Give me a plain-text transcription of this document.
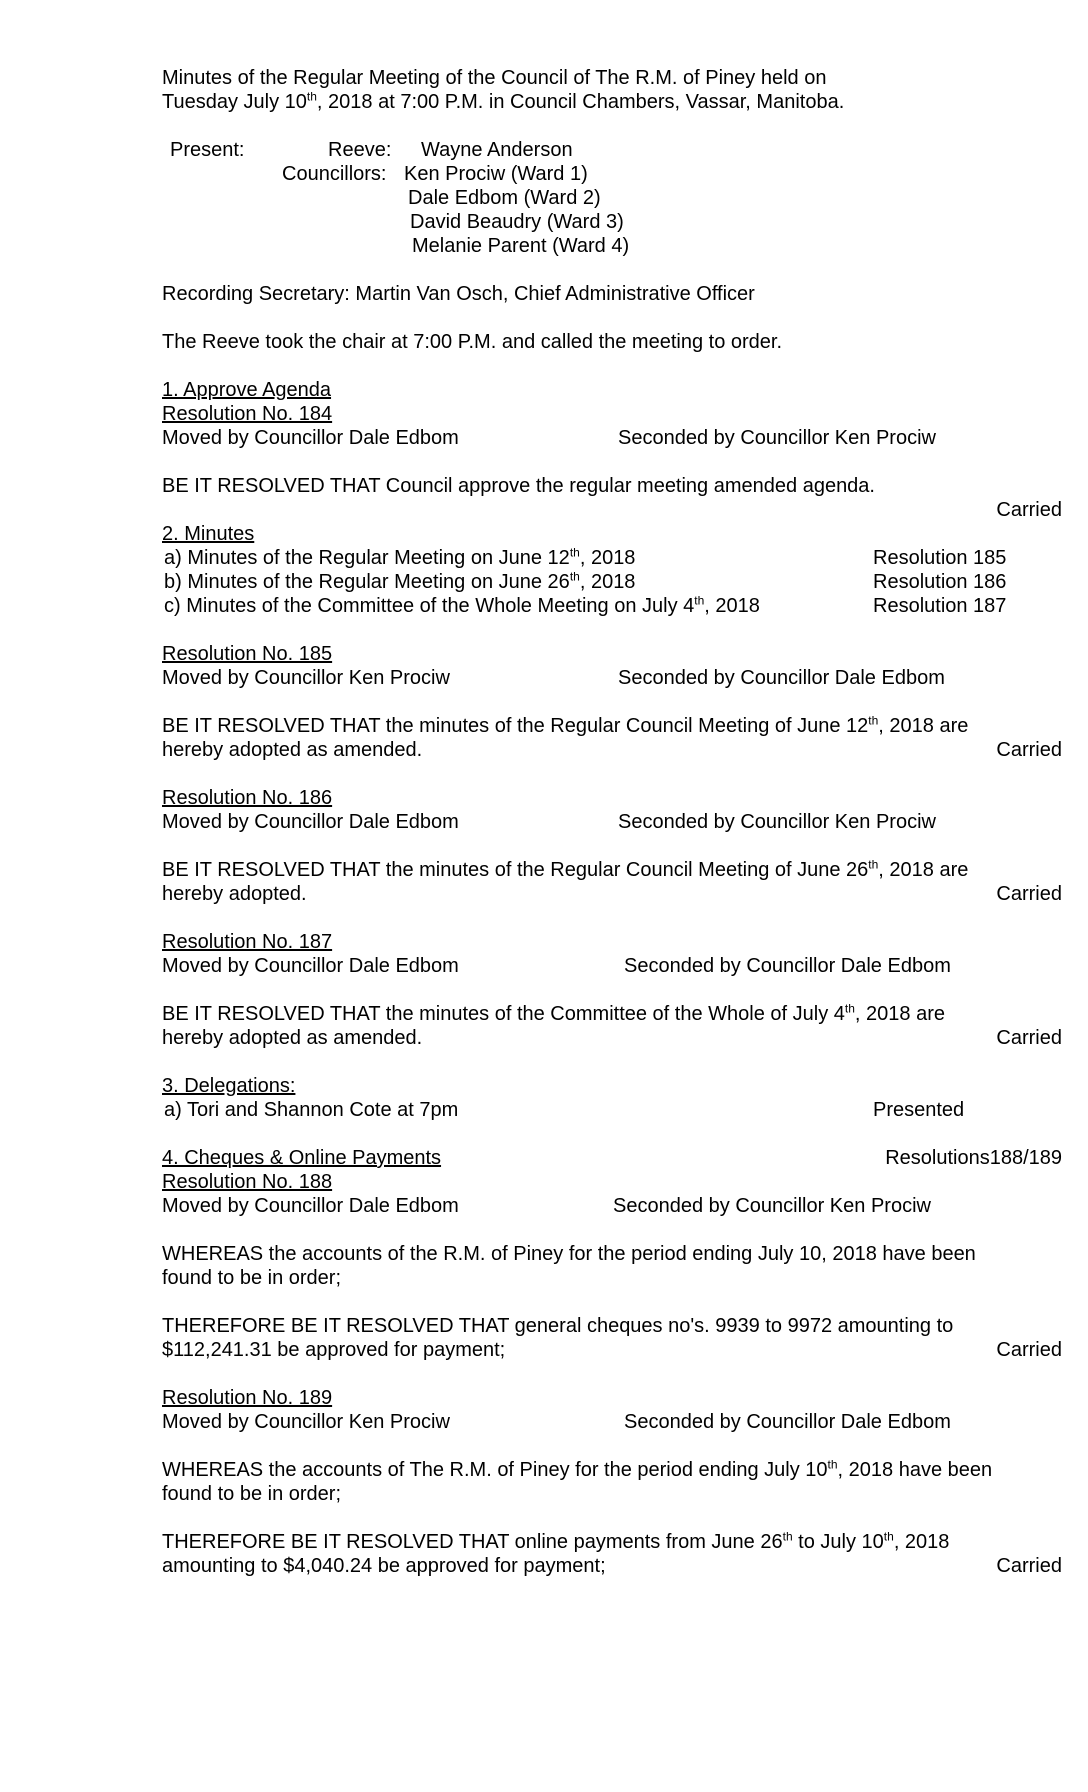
Minutes of the Regular Meeting of the Council of The R.M. of Piney held on
Tuesday July 10th, 2018 at 7:00 P.M. in Council Chambers, Vassar, Manitoba.
Present:	Reeve: Wayne Anderson
Councillors: Ken Prociw (Ward 1)
Dale Edbom (Ward 2)
David Beaudry (Ward 3)
Melanie Parent (Ward 4)
Recording Secretary: Martin Van Osch, Chief Administrative Officer
The Reeve took the chair at 7:00 P.M. and called the meeting to order.
1. Approve Agenda
Resolution No. 184
Moved by Councillor Dale Edbom	Seconded by Councillor Ken Prociw
BE IT RESOLVED THAT Council approve the regular meeting amended agenda.
Carried
2. Minutes
a) Minutes of the Regular Meeting on June 12th, 2018	Resolution 185
b) Minutes of the Regular Meeting on June 26th, 2018	Resolution 186
c) Minutes of the Committee of the Whole Meeting on July 4th, 2018	Resolution 187
Resolution No. 185
Moved by Councillor Ken Prociw	Seconded by Councillor Dale Edbom
BE IT RESOLVED THAT the minutes of the Regular Council Meeting of June 12th, 2018 are
hereby adopted as amended.	Carried
Resolution No. 186
Moved by Councillor Dale Edbom	Seconded by Councillor Ken Prociw
BE IT RESOLVED THAT the minutes of the Regular Council Meeting of June 26th, 2018 are
hereby adopted.	Carried
Resolution No. 187
Moved by Councillor Dale Edbom	Seconded by Councillor Dale Edbom
BE IT RESOLVED THAT the minutes of the Committee of the Whole of July 4th, 2018 are
hereby adopted as amended.	Carried
3. Delegations:
a) Tori and Shannon Cote at 7pm	Presented
4. Cheques & Online Payments	Resolutions188/189
Resolution No. 188
Moved by Councillor Dale Edbom	Seconded by Councillor Ken Prociw
WHEREAS the accounts of the R.M. of Piney for the period ending July 10, 2018 have been
found to be in order;
THEREFORE BE IT RESOLVED THAT general cheques no's. 9939 to 9972 amounting to
$112,241.31 be approved for payment;	Carried
Resolution No. 189
Moved by Councillor Ken Prociw	Seconded by Councillor Dale Edbom
WHEREAS the accounts of The R.M. of Piney for the period ending July 10th, 2018 have been
found to be in order;
THEREFORE BE IT RESOLVED THAT online payments from June 26th to July 10th, 2018
amounting to $4,040.24 be approved for payment;	Carried
